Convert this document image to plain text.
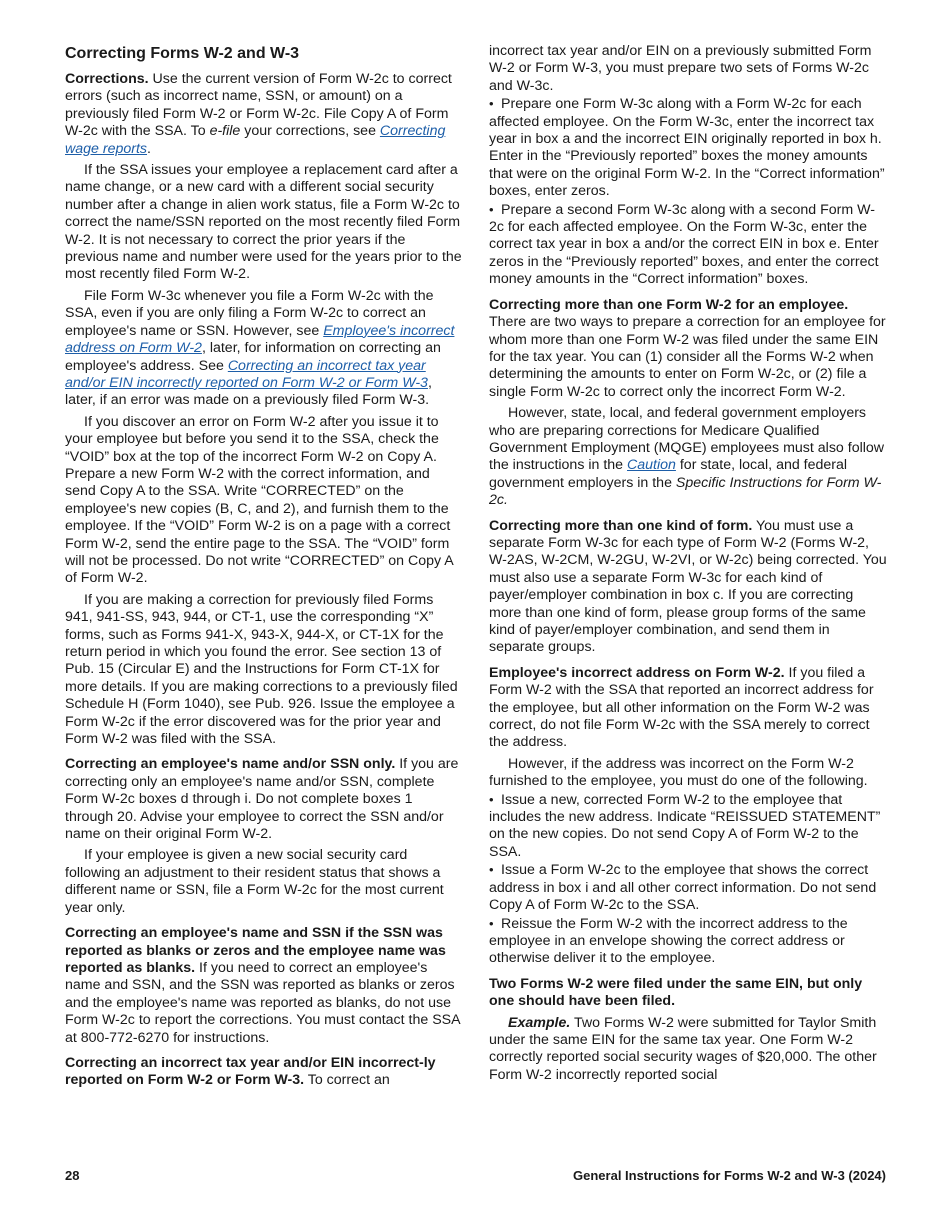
Correcting Forms W-2 and W-3

Corrections. Use the current version of Form W-2c to correct errors (such as incorrect name, SSN, or amount) on a previously filed Form W-2 or Form W-2c. File Copy A of Form W-2c with the SSA. To e-file your corrections, see Correcting wage reports.

If the SSA issues your employee a replacement card after a name change, or a new card with a different social security number after a change in alien work status, file a Form W-2c to correct the name/SSN reported on the most recently filed Form W-2. It is not necessary to correct the prior years if the previous name and number were used for the years prior to the most recently filed Form W-2.

File Form W-3c whenever you file a Form W-2c with the SSA, even if you are only filing a Form W-2c to correct an employee's name or SSN. However, see Employee's incorrect address on Form W-2, later, for information on correcting an employee's address. See Correcting an incorrect tax year and/or EIN incorrectly reported on Form W-2 or Form W-3, later, if an error was made on a previously filed Form W-3.

If you discover an error on Form W-2 after you issue it to your employee but before you send it to the SSA, check the “VOID” box at the top of the incorrect Form W-2 on Copy A. Prepare a new Form W-2 with the correct information, and send Copy A to the SSA. Write “CORRECTED” on the employee's new copies (B, C, and 2), and furnish them to the employee. If the “VOID” Form W-2 is on a page with a correct Form W-2, send the entire page to the SSA. The “VOID” form will not be processed. Do not write “CORRECTED” on Copy A of Form W-2.

If you are making a correction for previously filed Forms 941, 941-SS, 943, 944, or CT-1, use the corresponding “X” forms, such as Forms 941-X, 943-X, 944-X, or CT-1X for the return period in which you found the error. See section 13 of Pub. 15 (Circular E) and the Instructions for Form CT-1X for more details. If you are making corrections to a previously filed Schedule H (Form 1040), see Pub. 926. Issue the employee a Form W-2c if the error discovered was for the prior year and Form W-2 was filed with the SSA.

Correcting an employee's name and/or SSN only. If you are correcting only an employee's name and/or SSN, complete Form W-2c boxes d through i. Do not complete boxes 1 through 20. Advise your employee to correct the SSN and/or name on their original Form W-2.

If your employee is given a new social security card following an adjustment to their resident status that shows a different name or SSN, file a Form W-2c for the most current year only.

Correcting an employee's name and SSN if the SSN was reported as blanks or zeros and the employee name was reported as blanks. If you need to correct an employee's name and SSN, and the SSN was reported as blanks or zeros and the employee's name was reported as blanks, do not use Form W-2c to report the corrections. You must contact the SSA at 800-772-6270 for instructions.

Correcting an incorrect tax year and/or EIN incorrect-ly reported on Form W-2 or Form W-3. To correct an

incorrect tax year and/or EIN on a previously submitted Form W-2 or Form W-3, you must prepare two sets of Forms W-2c and W-3c.

• Prepare one Form W-3c along with a Form W-2c for each affected employee. On the Form W-3c, enter the incorrect tax year in box a and the incorrect EIN originally reported in box h. Enter in the “Previously reported” boxes the money amounts that were on the original Form W-2. In the “Correct information” boxes, enter zeros.

• Prepare a second Form W-3c along with a second Form W-2c for each affected employee. On the Form W-3c, enter the correct tax year in box a and/or the correct EIN in box e. Enter zeros in the “Previously reported” boxes, and enter the correct money amounts in the “Correct information” boxes.

Correcting more than one Form W-2 for an employee. There are two ways to prepare a correction for an employee for whom more than one Form W-2 was filed under the same EIN for the tax year. You can (1) consider all the Forms W-2 when determining the amounts to enter on Form W-2c, or (2) file a single Form W-2c to correct only the incorrect Form W-2.

However, state, local, and federal government employers who are preparing corrections for Medicare Qualified Government Employment (MQGE) employees must also follow the instructions in the Caution for state, local, and federal government employers in the Specific Instructions for Form W-2c.

Correcting more than one kind of form. You must use a separate Form W-3c for each type of Form W-2 (Forms W-2, W-2AS, W-2CM, W-2GU, W-2VI, or W-2c) being corrected. You must also use a separate Form W-3c for each kind of payer/employer combination in box c. If you are correcting more than one kind of form, please group forms of the same kind of payer/employer combination, and send them in separate groups.

Employee's incorrect address on Form W-2. If you filed a Form W-2 with the SSA that reported an incorrect address for the employee, but all other information on the Form W-2 was correct, do not file Form W-2c with the SSA merely to correct the address.

However, if the address was incorrect on the Form W-2 furnished to the employee, you must do one of the following.

• Issue a new, corrected Form W-2 to the employee that includes the new address. Indicate “REISSUED STATEMENT” on the new copies. Do not send Copy A of Form W-2 to the SSA.

• Issue a Form W-2c to the employee that shows the correct address in box i and all other correct information. Do not send Copy A of Form W-2c to the SSA.

• Reissue the Form W-2 with the incorrect address to the employee in an envelope showing the correct address or otherwise deliver it to the employee.

Two Forms W-2 were filed under the same EIN, but only one should have been filed.

Example. Two Forms W-2 were submitted for Taylor Smith under the same EIN for the same tax year. One Form W-2 correctly reported social security wages of $20,000. The other Form W-2 incorrectly reported social

28	General Instructions for Forms W-2 and W-3 (2024)
